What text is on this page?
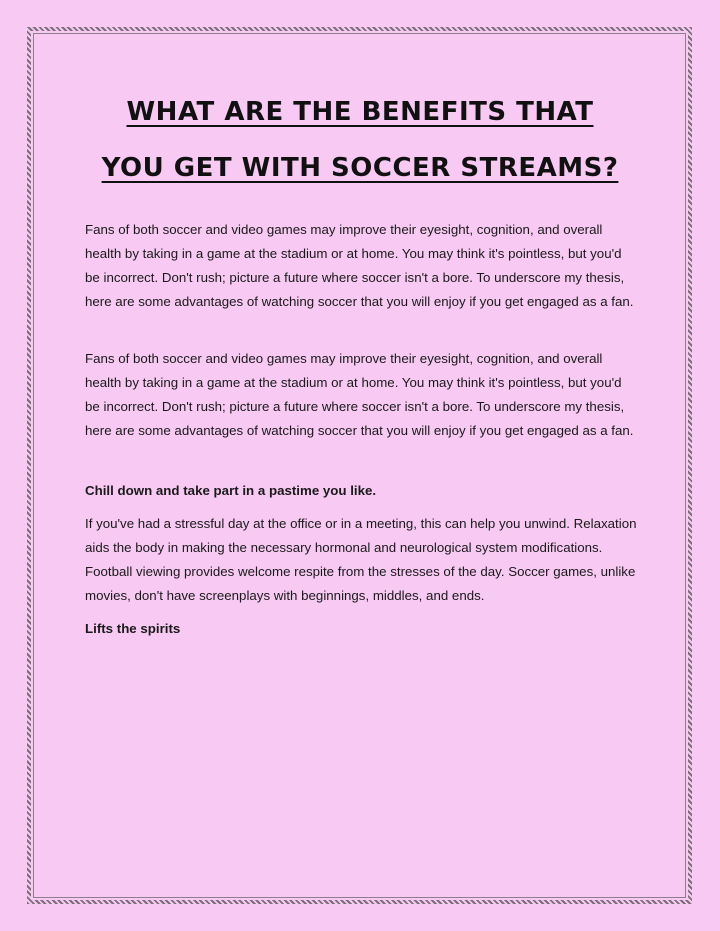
WHAT ARE THE BENEFITS THAT
YOU GET WITH SOCCER STREAMS?

Fans of both soccer and video games may improve their eyesight, cognition, and overall health by taking in a game at the stadium or at home. You may think it's pointless, but you'd be incorrect. Don't rush; picture a future where soccer isn't a bore. To underscore my thesis, here are some advantages of watching soccer that you will enjoy if you get engaged as a fan.

Fans of both soccer and video games may improve their eyesight, cognition, and overall health by taking in a game at the stadium or at home. You may think it's pointless, but you'd be incorrect. Don't rush; picture a future where soccer isn't a bore. To underscore my thesis, here are some advantages of watching soccer that you will enjoy if you get engaged as a fan.

Chill down and take part in a pastime you like.

If you've had a stressful day at the office or in a meeting, this can help you unwind. Relaxation aids the body in making the necessary hormonal and neurological system modifications. Football viewing provides welcome respite from the stresses of the day. Soccer games, unlike movies, don't have screenplays with beginnings, middles, and ends.

Lifts the spirits
